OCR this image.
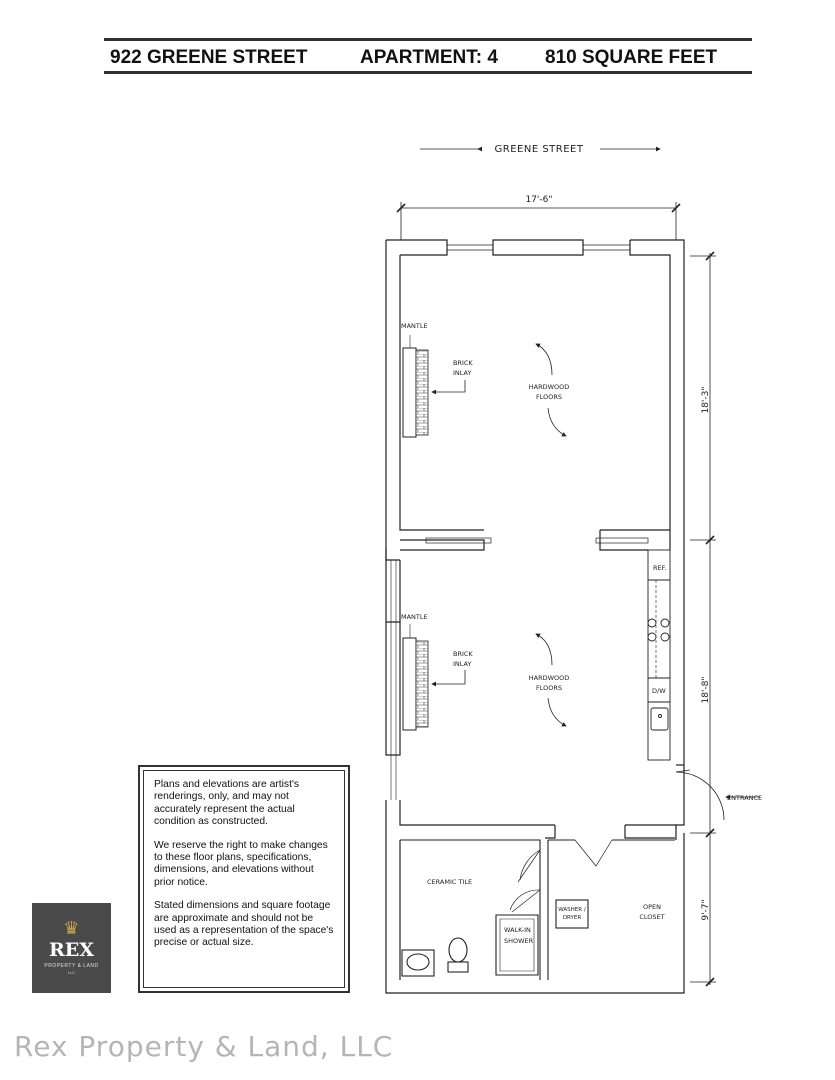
922 GREENE STREET	APARTMENT: 4 810 SQUARE FEET
GREENE STREET
17'-6"
18'-3"
18'-8"
9'-7"
REF.
D/W
ENTRANCE
MANTLE
BRICK
INLAY
HARDWOOD
FLOORS
MANTLE
BRICK
INLAY
HARDWOOD
FLOORS
CERAMIC TILE
WALK-IN
SHOWER
WASHER /
DRYER
OPEN
CLOSET

Plans and elevations are artist's renderings, only, and may not accurately represent the actual condition as constructed.

We reserve the right to make changes to these floor plans, specifications, dimensions, and elevations without prior notice.

Stated dimensions and square footage are approximate and should not be used as a representation of the space's precise or actual size.

♛
REX
PROPERTY & LAND
LLC
Rex Property & Land, LLC
